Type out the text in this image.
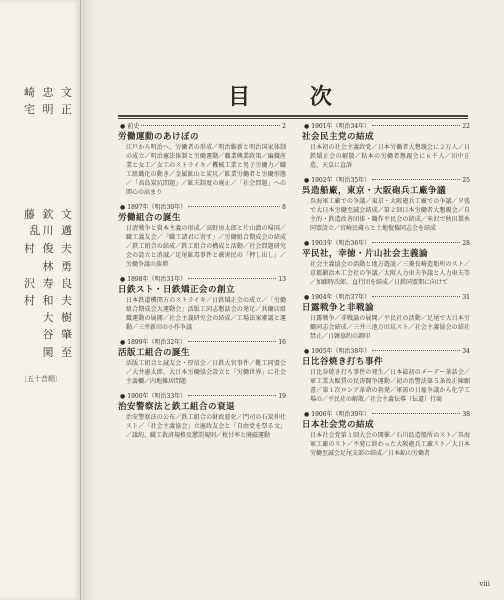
崎 忠 文
宅 明 正
藤 欽 文
乱川 邁
村 俊 夫
林 勇
沢 寿 良
村 和 夫
大 樹
谷 肇
関 至
〔五十音順〕
目 次
● 前史	2
労働運動のあけぼの
江戸から明治へ、労働者の形成／明治維新と明治国家体制の成立／明治憲法体制と労働運動／職業興業政策／編織産業と女工／女工のストライキ／機械工業と男子労働力／職工組織化の動き／金属鉱山と炭坑／鉱業労働者と労働形態／「高島炭坑問題」／鉱夫制度の廃止／「社会問題」への関心の高まり
● 1897年（明治30年）	8
労働組合の誕生
日清戦争と資本主義の形成／高野房太郎と片山潜の帰国／職工義友会／「職工諸君に寄す」／労働組合期成会の結成／鉄工組合の結成／鉄工組合の構成と活動／社会問題研究会の設立と消滅／足尾鉱毒事件と被害民の「押し出し」／労働争議の族増
● 1898年（明治31年）	13
日鉄スト・日鉄矯正会の創立
日本鉄道機関方のストライキ／日鉄矯正会の成立／「労働組合期成会大運動会」活版工同志懇話会の発足／共働店組織運動の展開／社会主義研究会の結成／工場法案審議と運動／三井新田の小作争議
● 1899年（明治32年）	16
活版工組合の誕生
活版工組合と誠友会・厚信会／日鉄大宮事件／靴工同盟会／大井憲太郎、大日本労働協会設立と「労働世界」に社会主義欄／内地雑居問題
● 1900年（明治33年）	19
治安警察法と鉄工組合の衰退
治安警察法の公布／鉄工組合の財政悪化／門司の石炭仲仕スト／「社会主義協会」立憲政友会と「自由党を祭る文」／議約、職工救済規格及懲罰規則／枚甘率と廃磁運動
● 1901年（明治34年）	22
社会民主党の結成
日本初の社会主義政党／日本労働者大懇親会に２万人／日鉄矯正会の解散／粘本の労働者懇親会に６千人／田中正造、天皇に直訴
● 1902年（明治35年）	25
呉造船廠，東京・大阪砲兵工廠争議
呉海軍工廠での争議／東京・大阪砲兵工廠での争議／夕張で大日本労働至誠会結成／第２回日本労働者大懇親会／自主的・鉄造改善団体・職作平民会の結成／米沢で秋田製糸同盟設立／宮崎民蔵らと土地復権同志会を結成
● 1903年（明治36年）	28
平民社，幸徳・片山社会主義論
社会主義協会の活動と地方遊説／三菱長崎造船所のスト／京都鍛冶木工会社の争議／大阪人力車夫争議と人力車夫等／加藤時次郎、直行団を結成／日鉄同盟期に向けて
● 1904年（明治37年）	31
日露戦争と非戦論
日露戦争／非戦論の展開／平民社の活動／足尾で大日本労働同志会結成／三井三池万田坑スト／社会主義協会の結社禁止／日韓協約の調印
● 1905年（明治38年）	34
日比谷焼き打ち事件
日比谷焼き打ち事件の発生／日本最初のメーデー茶話会／軍工業大幅賃の民涛闘争運動／初の治警法第５条改正陳願書／第１次ロシア革命の勃発／軍需の日雇争議から化学工場の／平民社の解散／社会主義伝導（伝道）行商
● 1906年（明治39年）	38
日本社会党の結成
日本社会党第１回大会の開催／石川島造船所のスト／呉海軍工廠のスト／不発に終わった大阪砲兵工廠スト／大日本労働至誠会足尾支部の結成／日本鉱山労働者
viii
